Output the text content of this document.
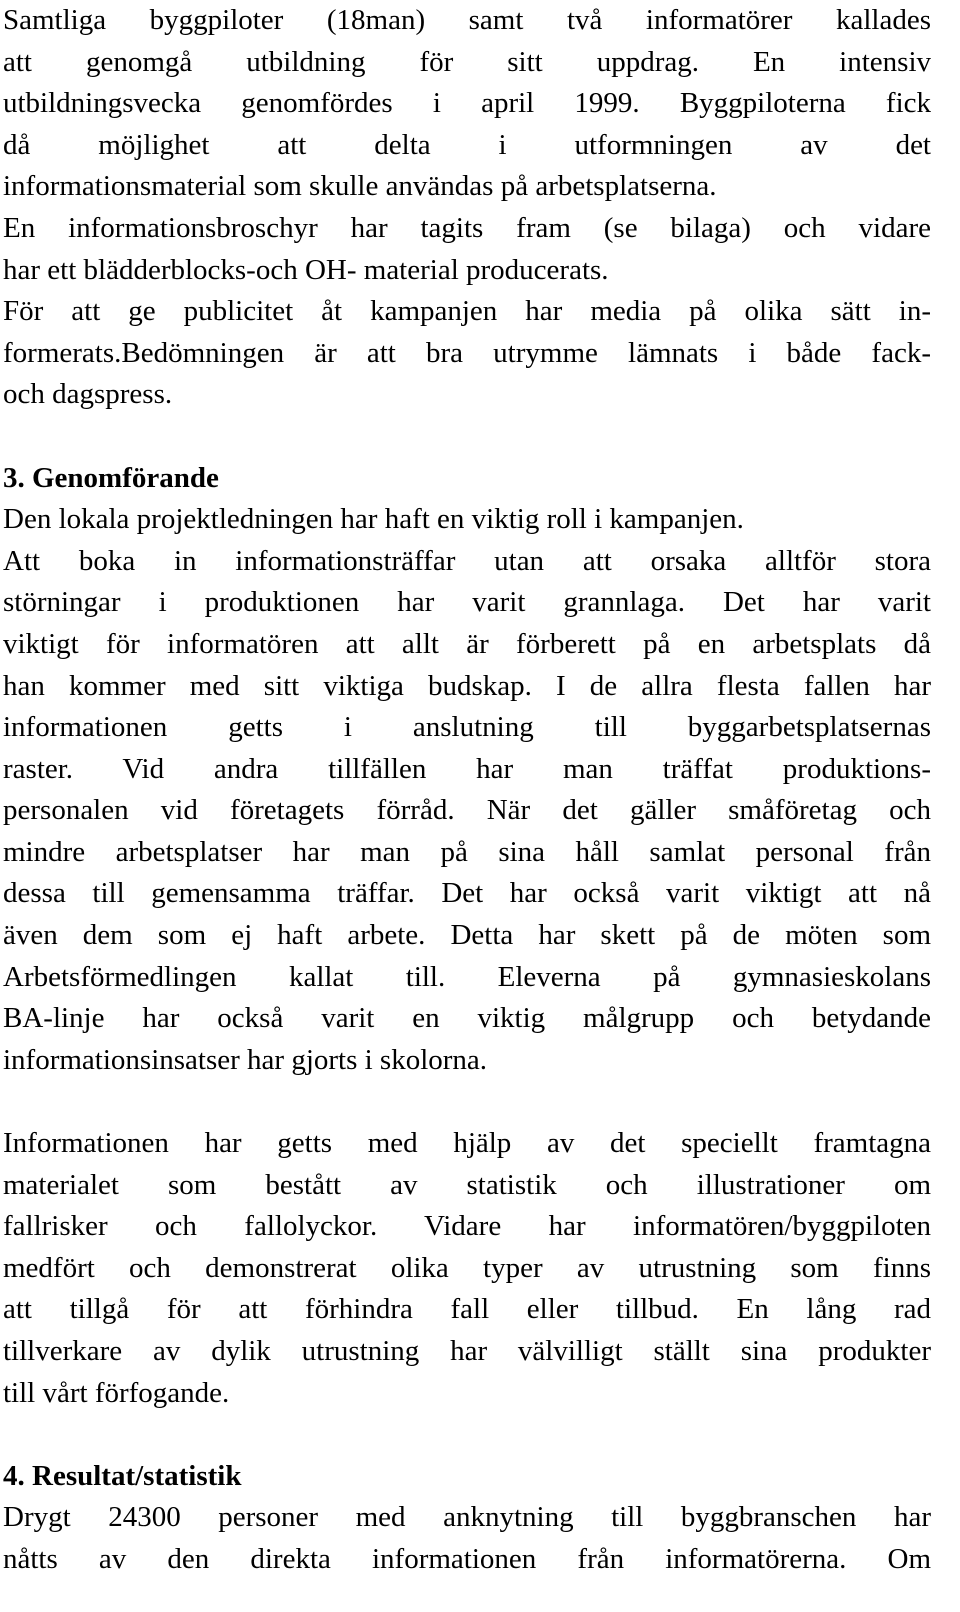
Samtliga byggpiloter (18man) samt två informatörer kallades
att genomgå utbildning för sitt uppdrag. En intensiv
utbildningsvecka genomfördes i april 1999. Byggpiloterna fick
då möjlighet att delta i utformningen av det
informationsmaterial som skulle användas på arbetsplatserna.
En informationsbroschyr har tagits fram (se bilaga) och vidare
har ett blädderblocks-och OH- material producerats.
För att ge publicitet åt kampanjen har media på olika sätt in-
formerats.Bedömningen är att bra utrymme lämnats i både fack-
och dagspress.
3. Genomförande
Den lokala projektledningen har haft en viktig roll i kampanjen.
Att boka in informationsträffar utan att orsaka alltför stora
störningar i produktionen har varit grannlaga. Det har varit
viktigt för informatören att allt är förberett på en arbetsplats då
han kommer med sitt viktiga budskap. I de allra flesta fallen har
informationen getts i anslutning till byggarbetsplatsernas
raster. Vid andra tillfällen har man träffat produktions-
personalen vid företagets förråd. När det gäller småföretag och
mindre arbetsplatser har man på sina håll samlat personal från
dessa till gemensamma träffar. Det har också varit viktigt att nå
även dem som ej haft arbete. Detta har skett på de möten som
Arbetsförmedlingen kallat till. Eleverna på gymnasieskolans
BA-linje har också varit en viktig målgrupp och betydande
informationsinsatser har gjorts i skolorna.
Informationen har getts med hjälp av det speciellt framtagna
materialet som bestått av statistik och illustrationer om
fallrisker och fallolyckor. Vidare har informatören/byggpiloten
medfört och demonstrerat olika typer av utrustning som finns
att tillgå för att förhindra fall eller tillbud. En lång rad
tillverkare av dylik utrustning har välvilligt ställt sina produkter
till vårt förfogande.
4. Resultat/statistik
Drygt 24300 personer med anknytning till byggbranschen har
nåtts av den direkta informationen från informatörerna. Om
